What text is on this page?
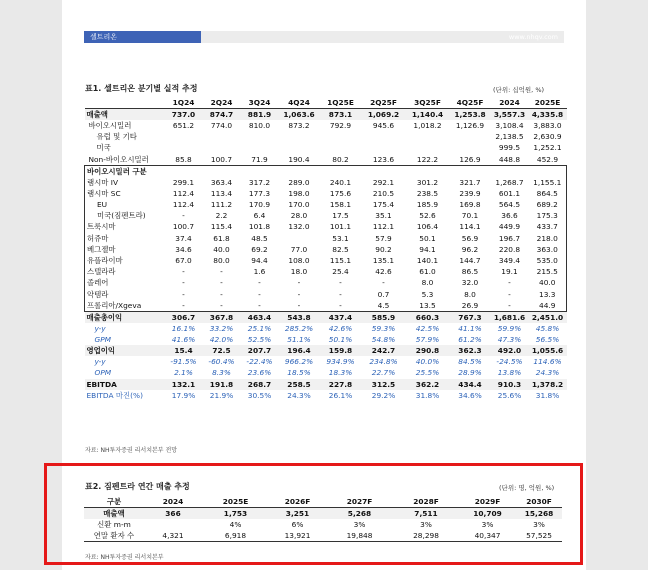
셀트리온	www.nhqv.com
표1. 셀트리온 분기별 실적 추정	(단위: 십억원, %)
	1Q24	2Q24	3Q24	4Q24	1Q25E	2Q25F	3Q25F	4Q25F	2024	2025E
매출액	737.0	874.7	881.9	1,063.6	873.1	1,069.2	1,140.4	1,253.8	3,557.3	4,335.8
바이오시밀러	651.2	774.0	810.0	873.2	792.9	945.6	1,018.2	1,126.9	3,108.4	3,883.0
유럽 및 기타									2,138.5	2,630.9
미국									999.5	1,252.1
Non-바이오시밀러	85.8	100.7	71.9	190.4	80.2	123.6	122.2	126.9	448.8	452.9
바이오시밀러 구분										
램시마 IV	299.1	363.4	317.2	289.0	240.1	292.1	301.2	321.7	1,268.7	1,155.1
램시마 SC	112.4	113.4	177.3	198.0	175.6	210.5	238.5	239.9	601.1	864.5
EU	112.4	111.2	170.9	170.0	158.1	175.4	185.9	169.8	564.5	689.2
미국(짐펜트라)	-	2.2	6.4	28.0	17.5	35.1	52.6	70.1	36.6	175.3
트룩시마	100.7	115.4	101.8	132.0	101.1	112.1	106.4	114.1	449.9	433.7
허쥬마	37.4	61.8	48.5		53.1	57.9	50.1	56.9	196.7	218.0
베그젤마	34.6	40.0	69.2	77.0	82.5	90.2	94.1	96.2	220.8	363.0
유플라이마	67.0	80.0	94.4	108.0	115.1	135.1	140.1	144.7	349.4	535.0
스텔라라	-	-	1.6	18.0	25.4	42.6	61.0	86.5	19.1	215.5
졸레어	-	-	-	-	-	-	8.0	32.0	-	40.0
악템라	-	-	-	-	-	0.7	5.3	8.0	-	13.3
프롤리아/Xgeva	-	-	-	-	-	4.5	13.5	26.9	-	44.9
매출총이익	306.7	367.8	463.4	543.8	437.4	585.9	660.3	767.3	1,681.6	2,451.0
y-y	16.1%	33.2%	25.1%	285.2%	42.6%	59.3%	42.5%	41.1%	59.9%	45.8%
GPM	41.6%	42.0%	52.5%	51.1%	50.1%	54.8%	57.9%	61.2%	47.3%	56.5%
영업이익	15.4	72.5	207.7	196.4	159.8	242.7	290.8	362.3	492.0	1,055.6
y-y	-91.5%	-60.4%	-22.4%	966.2%	934.9%	234.8%	40.0%	84.5%	-24.5%	114.6%
OPM	2.1%	8.3%	23.6%	18.5%	18.3%	22.7%	25.5%	28.9%	13.8%	24.3%
EBITDA	132.1	191.8	268.7	258.5	227.8	312.5	362.2	434.4	910.3	1,378.2
EBITDA 마진(%)	17.9%	21.9%	30.5%	24.3%	26.1%	29.2%	31.8%	34.6%	25.6%	31.8%
자료: NH투자증권 리서치본부 전망
표2. 짐펜트라 연간 매출 추정	(단위: 명, 억원, %)
구분	2024	2025E	2026F	2027F	2028F	2029F	2030F
매출액	366	1,753	3,251	5,268	7,511	10,709	15,268
신환 m-m		4%	6%	3%	3%	3%	3%
연말 환자 수	4,321	6,918	13,921	19,848	28,298	40,347	57,525
자료: NH투자증권 리서치본부
